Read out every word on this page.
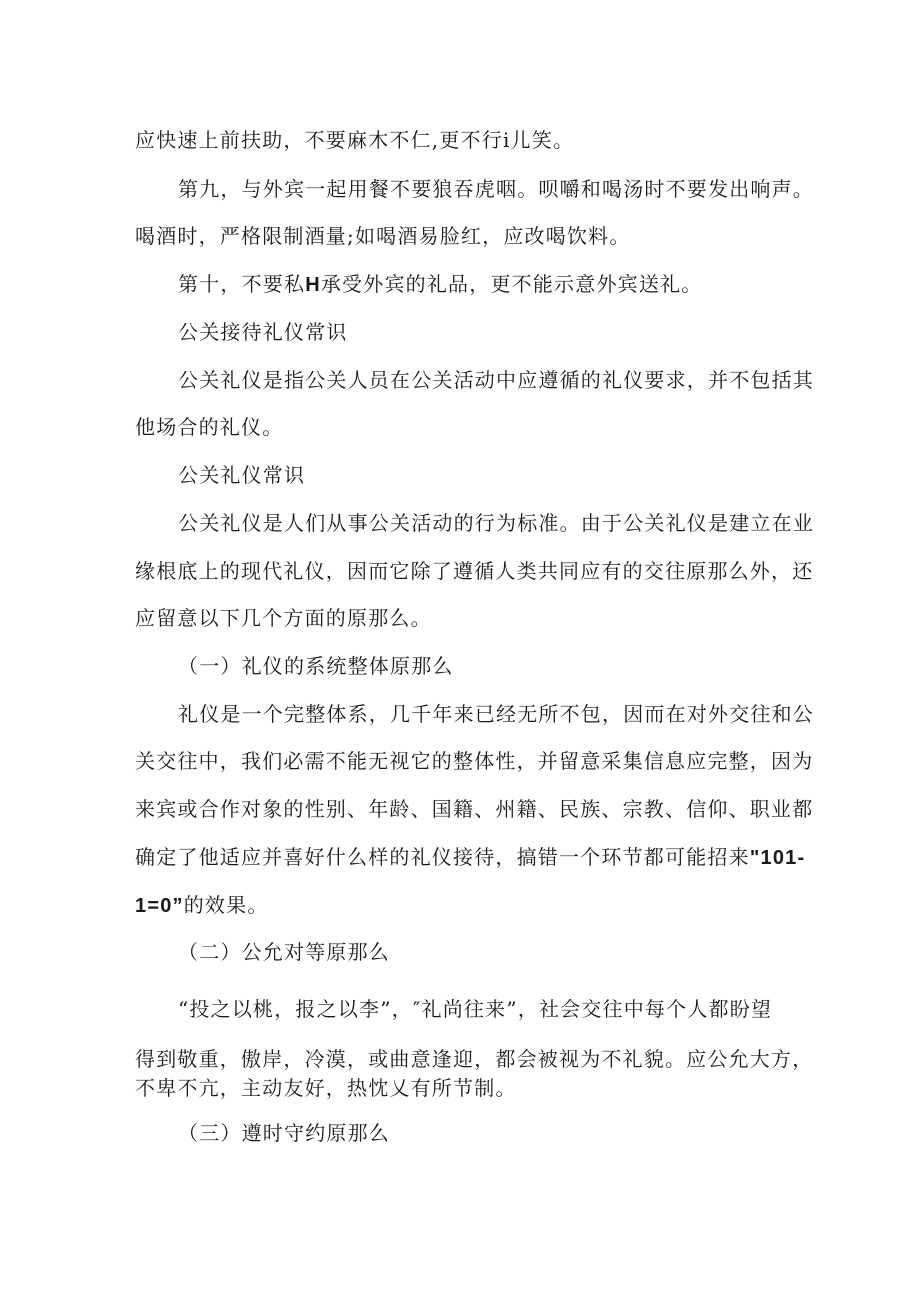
应快速上前扶助，不要麻木不仁,更不行i儿笑。
第九，与外宾一起用餐不要狼吞虎咽。呗嚼和喝汤时不要发出响声。
喝酒时，严格限制酒量;如喝酒易脸红，应改喝饮料。
第十，不要私H承受外宾的礼品，更不能示意外宾送礼。
公关接待礼仪常识
公关礼仪是指公关人员在公关活动中应遵循的礼仪要求，并不包括其
他场合的礼仪。
公关礼仪常识
公关礼仪是人们从事公关活动的行为标准。由于公关礼仪是建立在业
缘根底上的现代礼仪，因而它除了遵循人类共同应有的交往原那么外，还
应留意以下几个方面的原那么。
（一）礼仪的系统整体原那么
礼仪是一个完整体系，几千年来已经无所不包，因而在对外交往和公
关交往中，我们必需不能无视它的整体性，并留意采集信息应完整，因为
来宾或合作对象的性别、年龄、国籍、州籍、民族、宗教、信仰、职业都
确定了他适应并喜好什么样的礼仪接待，搞错一个环节都可能招来"101-
1=0”的效果。
（二）公允对等原那么
“投之以桃，报之以李”，″礼尚往来”，社会交往中每个人都盼望
得到敬重，傲岸，冷漠，或曲意逢迎，都会被视为不礼貌。应公允大方，
不卑不亢，主动友好，热忱乂有所节制。
（三）遵时守约原那么
